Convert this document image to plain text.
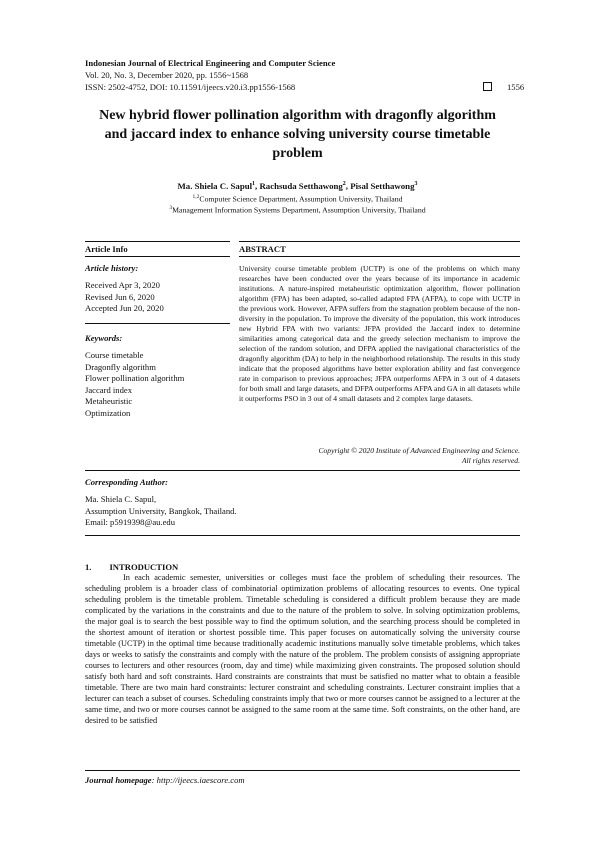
Indonesian Journal of Electrical Engineering and Computer Science
Vol. 20, No. 3, December 2020, pp. 1556~1568
ISSN: 2502-4752, DOI: 10.11591/ijeecs.v20.i3.pp1556-1568	1556
New hybrid flower pollination algorithm with dragonfly algorithm and jaccard index to enhance solving university course timetable problem
Ma. Shiela C. Sapul$^1$, Rachsuda Setthawong$^2$, Pisal Setthawong$^3$
$^{1,2}$Computer Science Department, Assumption University, Thailand
$^3$Management Information Systems Department, Assumption University, Thailand
Article Info
Article history:
Received Apr 3, 2020
Revised Jun 6, 2020
Accepted Jun 20, 2020
Keywords:
Course timetable
Dragonfly algorithm
Flower pollination algorithm
Jaccard index
Metaheuristic
Optimization
ABSTRACT
University course timetable problem (UCTP) is one of the problems on which many researches have been conducted over the years because of its importance in academic institutions. A nature-inspired metaheuristic optimization algorithm, flower pollination algorithm (FPA) has been adapted, so-called adapted FPA (AFPA), to cope with UCTP in the previous work. However, AFPA suffers from the stagnation problem because of the non-diversity in the population. To improve the diversity of the population, this work introduces new Hybrid FPA with two variants: JFPA provided the Jaccard index to determine similarities among categorical data and the greedy selection mechanism to improve the selection of the random solution, and DFPA applied the navigational characteristics of the dragonfly algorithm (DA) to help in the neighborhood relationship. The results in this study indicate that the proposed algorithms have better exploration ability and fast convergence rate in comparison to previous approaches; JFPA outperforms AFPA in 3 out of 4 datasets for both small and large datasets, and DFPA outperforms AFPA and GA in all datasets while it outperforms PSO in 3 out of 4 small datasets and 2 complex large datasets.
Copyright © 2020 Institute of Advanced Engineering and Science.
All rights reserved.
Corresponding Author:
Ma. Shiela C. Sapul,
Assumption University, Bangkok, Thailand.
Email: p5919398@au.edu
1. INTRODUCTION

In each academic semester, universities or colleges must face the problem of scheduling their resources. The scheduling problem is a broader class of combinatorial optimization problems of allocating resources to events. One typical scheduling problem is the timetable problem. Timetable scheduling is considered a difficult problem because they are made complicated by the variations in the constraints and due to the nature of the problem to solve. In solving optimization problems, the major goal is to search the best possible way to find the optimum solution, and the searching process should be completed in the shortest amount of iteration or shortest possible time. This paper focuses on automatically solving the university course timetable (UCTP) in the optimal time because traditionally academic institutions manually solve timetable problems, which takes days or weeks to satisfy the constraints and comply with the nature of the problem. The problem consists of assigning appropriate courses to lecturers and other resources (room, day and time) while maximizing given constraints. The proposed solution should satisfy both hard and soft constraints. Hard constraints are constraints that must be satisfied no matter what to obtain a feasible timetable. There are two main hard constraints: lecturer constraint and scheduling constraints. Lecturer constraint implies that a lecturer can teach a subset of courses. Scheduling constraints imply that two or more courses cannot be assigned to a lecturer at the same time, and two or more courses cannot be assigned to the same room at the same time. Soft constraints, on the other hand, are desired to be satisfied

Journal homepage: http://ijeecs.iaescore.com
